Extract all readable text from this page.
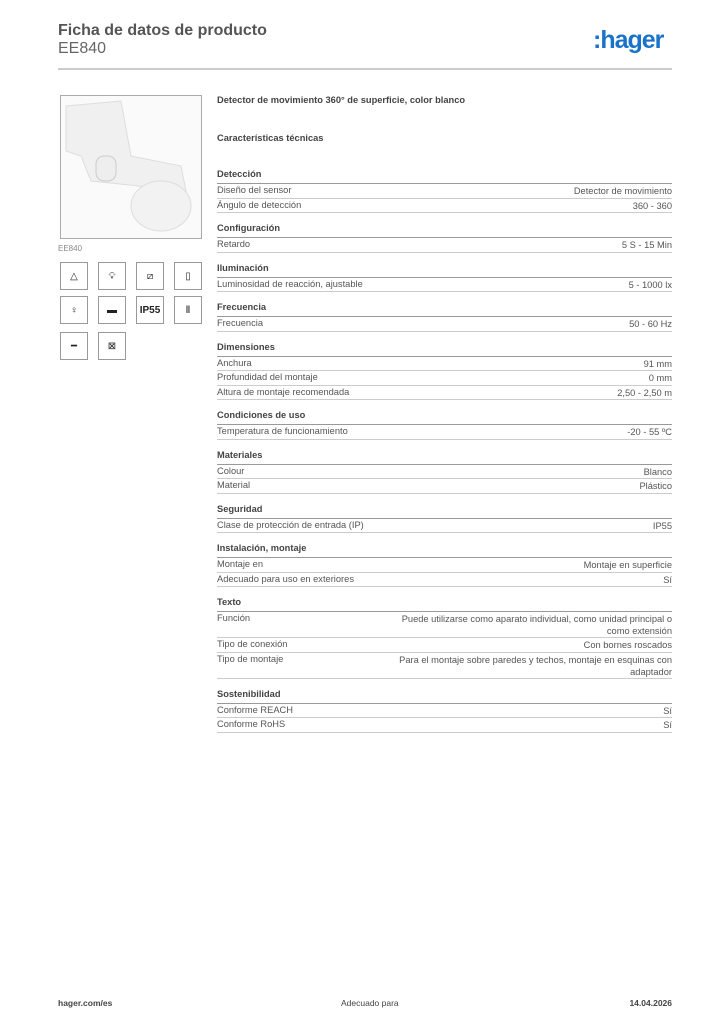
Ficha de datos de producto
EE840	:hager
EE840
△	💡︎	⧄	▯
♀	▬	IP55	Ⅱ
━	⊠
Detector de movimiento 360° de superficie, color blanco
Características técnicas
Detección
Diseño del sensor	Detector de movimiento
Ángulo de detección	360 - 360
Configuración
Retardo	5 S - 15 Min
Iluminación
Luminosidad de reacción, ajustable	5 - 1000 lx
Frecuencia
Frecuencia	50 - 60 Hz
Dimensiones
Anchura	91 mm
Profundidad del montaje	0 mm
Altura de montaje recomendada	2,50 - 2,50 m
Condiciones de uso
Temperatura de funcionamiento	-20 - 55 ºC
Materiales
Colour	Blanco
Material	Plástico
Seguridad
Clase de protección de entrada (IP)	IP55
Instalación, montaje
Montaje en	Montaje en superficie
Adecuado para uso en exteriores	Sí
Texto
Función	Puede utilizarse como aparato individual, como unidad principal o como extensión
Tipo de conexión	Con bornes roscados
Tipo de montaje	Para el montaje sobre paredes y techos, montaje en esquinas con adaptador
Sostenibilidad
Conforme REACH	Sí
Conforme RoHS	Sí
hager.com/es	Adecuado para	14.04.2026
